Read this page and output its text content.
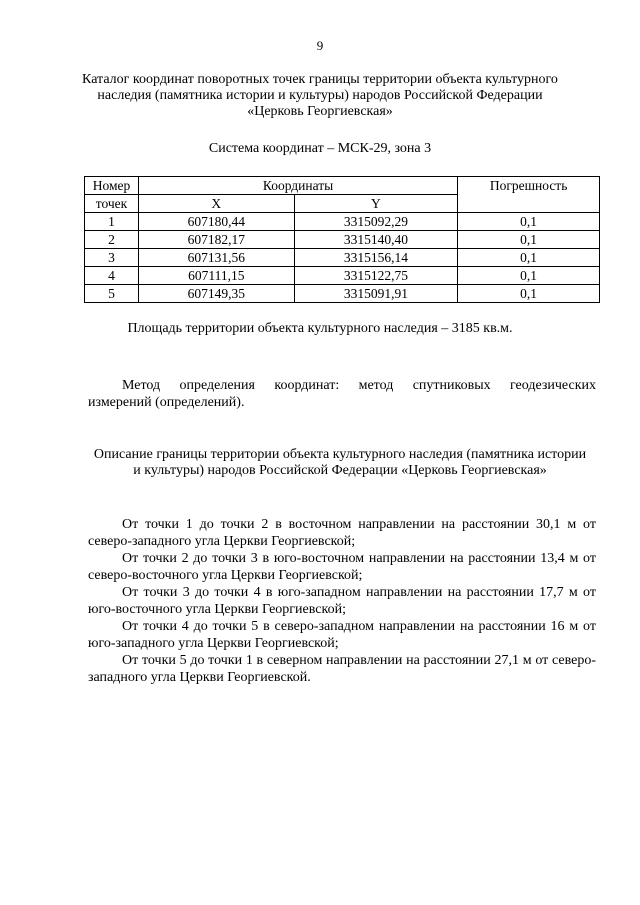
9
Каталог координат поворотных точек границы территории объекта культурного наследия (памятника истории и культуры) народов Российской Федерации «Церковь Георгиевская»
Система координат – МСК-29, зона 3
Номер	Координаты		Погрешность
точек	X	Y	
1	607180,44	3315092,29	0,1
2	607182,17	3315140,40	0,1
3	607131,56	3315156,14	0,1
4	607111,15	3315122,75	0,1
5	607149,35	3315091,91	0,1
Площадь территории объекта культурного наследия – 3185 кв.м.
Метод определения координат: метод спутниковых геодезических
измерений (определений).
Описание границы территории объекта культурного наследия (памятника истории и культуры) народов Российской Федерации «Церковь Георгиевская»

От точки 1 до точки 2 в восточном направлении на расстоянии 30,1 м от северо-западного угла Церкви Георгиевской;

От точки 2 до точки 3 в юго-восточном направлении на расстоянии 13,4 м от северо-восточного угла Церкви Георгиевской;

От точки 3 до точки 4 в юго-западном направлении на расстоянии 17,7 м от юго-восточного угла Церкви Георгиевской;

От точки 4 до точки 5 в северо-западном направлении на расстоянии 16 м от юго-западного угла Церкви Георгиевской;

От точки 5 до точки 1 в северном направлении на расстоянии 27,1 м от северо-западного угла Церкви Георгиевской.
